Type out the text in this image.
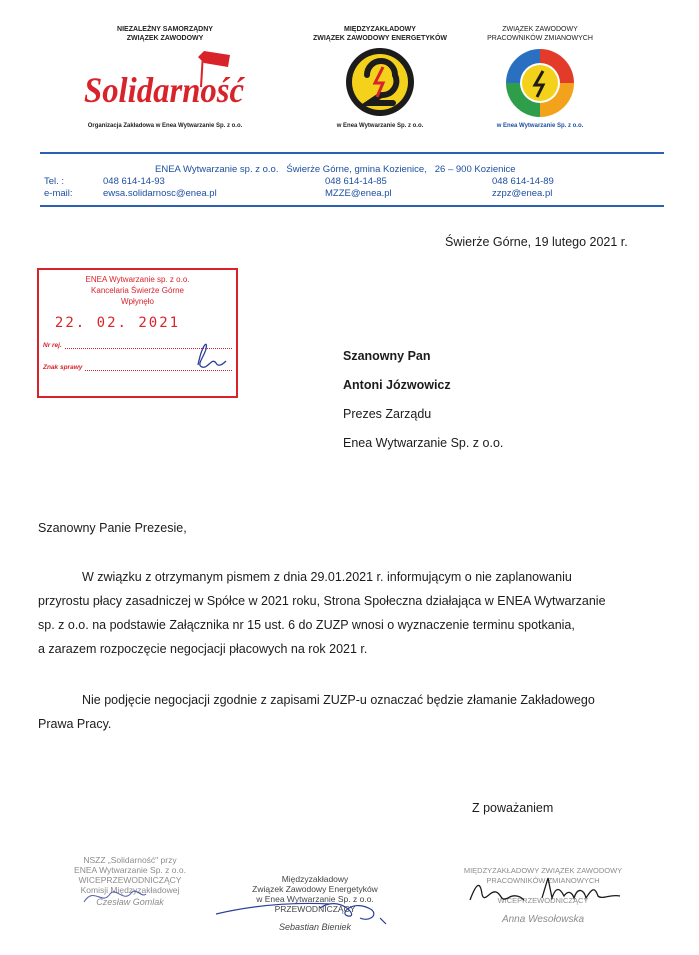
NIEZALEŻNY SAMORZĄDNY
ZWIĄZEK ZAWODOWY
Solidarność
Organizacja Zakładowa w Enea Wytwarzanie Sp. z o.o.
MIĘDZYZAKŁADOWY
ZWIĄZEK ZAWODOWY ENERGETYKÓW
w Enea Wytwarzanie Sp. z o.o.
ZWIĄZEK ZAWODOWY
PRACOWNIKÓW ZMIANOWYCH
w Enea Wytwarzanie Sp. z o.o.
ENEA Wytwarzanie sp. z o.o.   Świerże Górne, gmina Kozienice,   26 – 900 Kozienice
Tel. :
e-mail:
048 614-14-93
ewsa.solidarnosc@enea.pl
048 614-14-85
MZZE@enea.pl
048 614-14-89
zzpz@enea.pl
Świerże Górne, 19 lutego 2021 r.
ENEA Wytwarzanie sp. z o.o.
Kancelaria Świerże Górne
Wpłynęło
22. 02. 2021
Nr rej.
Znak sprawy
Szanowny Pan
Antoni Józwowicz
Prezes Zarządu
Enea Wytwarzanie Sp. z o.o.
Szanowny Panie Prezesie,
W związku z otrzymanym pismem z dnia 29.01.2021 r. informującym o nie zaplanowaniu
przyrostu płacy zasadniczej w Spółce w 2021 roku, Strona Społeczna działająca w ENEA Wytwarzanie
sp. z o.o. na podstawie Załącznika nr 15 ust. 6 do ZUZP wnosi o wyznaczenie terminu spotkania,
a zarazem rozpoczęcie negocjacji płacowych na rok 2021 r.
Nie podjęcie negocjacji zgodnie z zapisami ZUZP-u oznaczać będzie złamanie Zakładowego
Prawa Pracy.
Z poważaniem
NSZZ „Solidarność" przy
ENEA Wytwarzanie Sp. z o.o.
WICEPRZEWODNICZĄCY
Komisji Międzyzakładowej
Czesław Gomlak
Międzyzakładowy
Związek Zawodowy Energetyków
w Enea Wytwarzanie Sp. z o.o.
PRZEWODNICZĄCY
Sebastian Bieniek
MIĘDZYZAKŁADOWY ZWIĄZEK ZAWODOWY
PRACOWNIKÓW ZMIANOWYCH
WICEPRZEWODNICZĄCY
Anna Wesołowska
